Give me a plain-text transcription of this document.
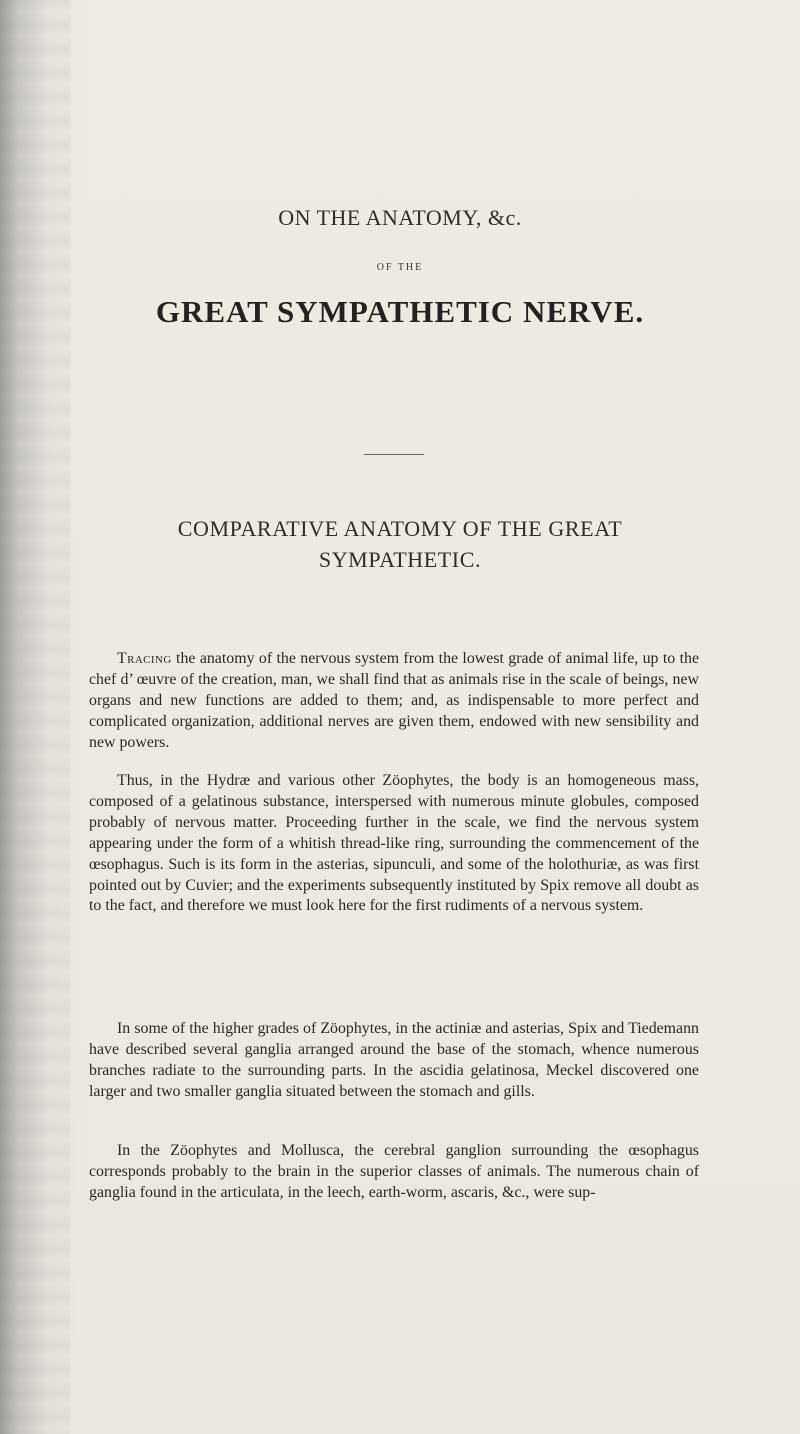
ON THE ANATOMY, &c.
OF THE
GREAT SYMPATHETIC NERVE.
COMPARATIVE ANATOMY OF THE GREAT
SYMPATHETIC.
Tracing the anatomy of the nervous system from the lowest grade of animal life, up to the chef d’ œuvre of the creation, man, we shall find that as animals rise in the scale of beings, new organs and new functions are added to them; and, as indispensable to more perfect and complicated organization, additional nerves are given them, endowed with new sensibility and new powers.
Thus, in the Hydræ and various other Zöophytes, the body is an homogeneous mass, composed of a gelatinous substance, interspersed with numerous minute globules, composed probably of nervous matter. Proceeding further in the scale, we find the nervous system appearing under the form of a whitish thread-like ring, surrounding the commencement of the œsophagus. Such is its form in the asterias, sipunculi, and some of the holothuriæ, as was first pointed out by Cuvier; and the experiments subsequently instituted by Spix remove all doubt as to the fact, and therefore we must look here for the first rudiments of a nervous system.
In some of the higher grades of Zöophytes, in the actiniæ and asterias, Spix and Tiedemann have described several ganglia arranged around the base of the stomach, whence numerous branches radiate to the surrounding parts. In the ascidia gelatinosa, Meckel discovered one larger and two smaller ganglia situated between the stomach and gills.
In the Zöophytes and Mollusca, the cerebral ganglion surrounding the œsophagus corresponds probably to the brain in the superior classes of animals. The numerous chain of ganglia found in the articulata, in the leech, earth-worm, ascaris, &c., were sup-
